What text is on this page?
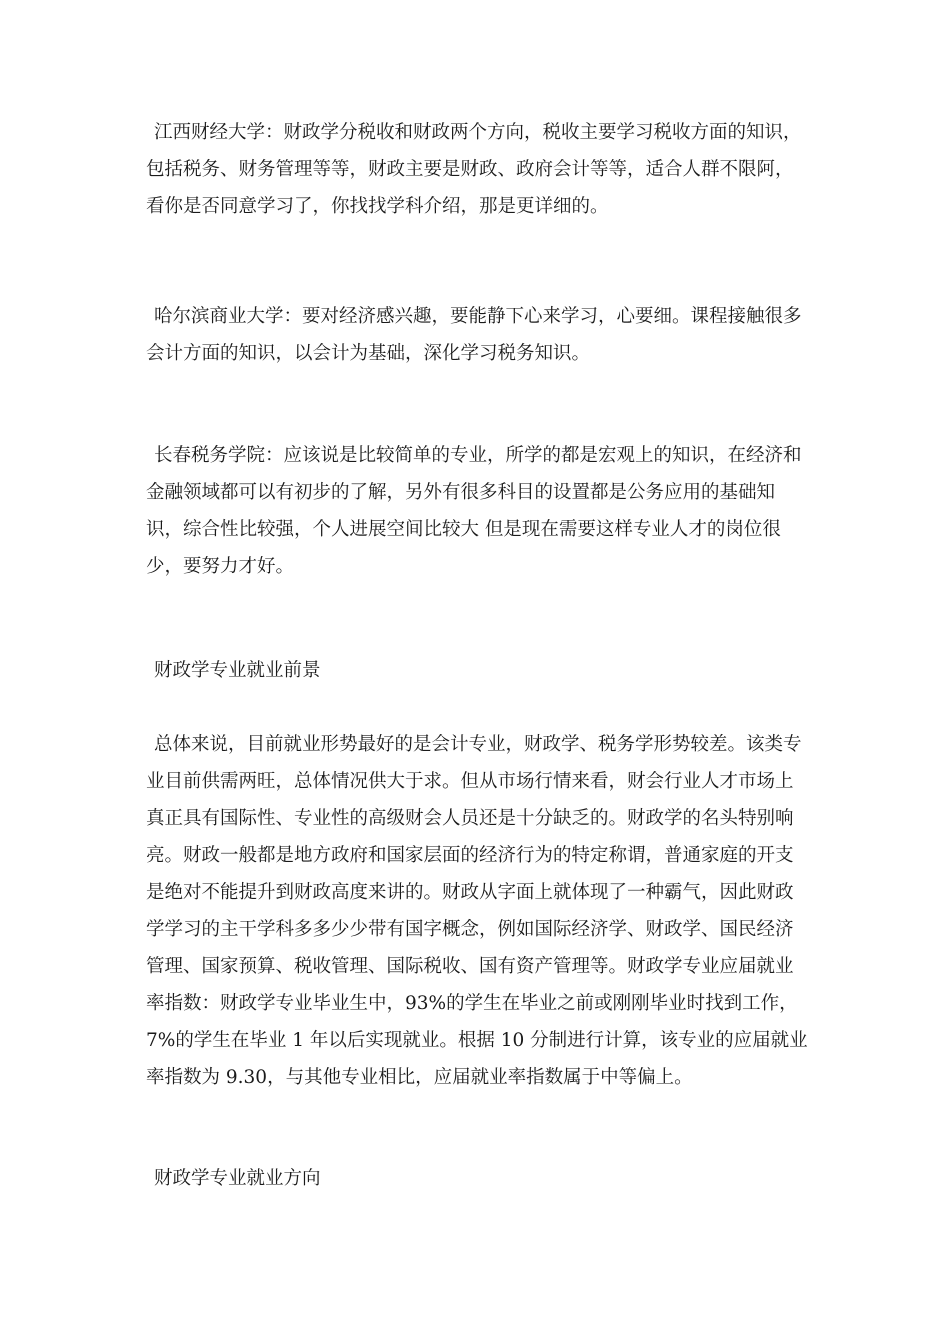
江西财经大学：财政学分税收和财政两个方向，税收主要学习税收方面的知识，包括税务、财务管理等等，财政主要是财政、政府会计等等，适合人群不限阿，看你是否同意学习了，你找找学科介绍，那是更详细的。

哈尔滨商业大学：要对经济感兴趣，要能静下心来学习，心要细。课程接触很多会计方面的知识，以会计为基础，深化学习税务知识。

长春税务学院：应该说是比较简单的专业，所学的都是宏观上的知识，在经济和金融领域都可以有初步的了解，另外有很多科目的设置都是公务应用的基础知识，综合性比较强，个人进展空间比较大 但是现在需要这样专业人才的岗位很少，要努力才好。

财政学专业就业前景

总体来说，目前就业形势最好的是会计专业，财政学、税务学形势较差。该类专业目前供需两旺，总体情况供大于求。但从市场行情来看，财会行业人才市场上真正具有国际性、专业性的高级财会人员还是十分缺乏的。财政学的名头特别响亮。财政一般都是地方政府和国家层面的经济行为的特定称谓，普通家庭的开支是绝对不能提升到财政高度来讲的。财政从字面上就体现了一种霸气，因此财政学学习的主干学科多多少少带有国字概念，例如国际经济学、财政学、国民经济管理、国家预算、税收管理、国际税收、国有资产管理等。财政学专业应届就业率指数：财政学专业毕业生中，93%的学生在毕业之前或刚刚毕业时找到工作，7%的学生在毕业 1 年以后实现就业。根据 10 分制进行计算，该专业的应届就业率指数为 9.30，与其他专业相比，应届就业率指数属于中等偏上。

财政学专业就业方向
